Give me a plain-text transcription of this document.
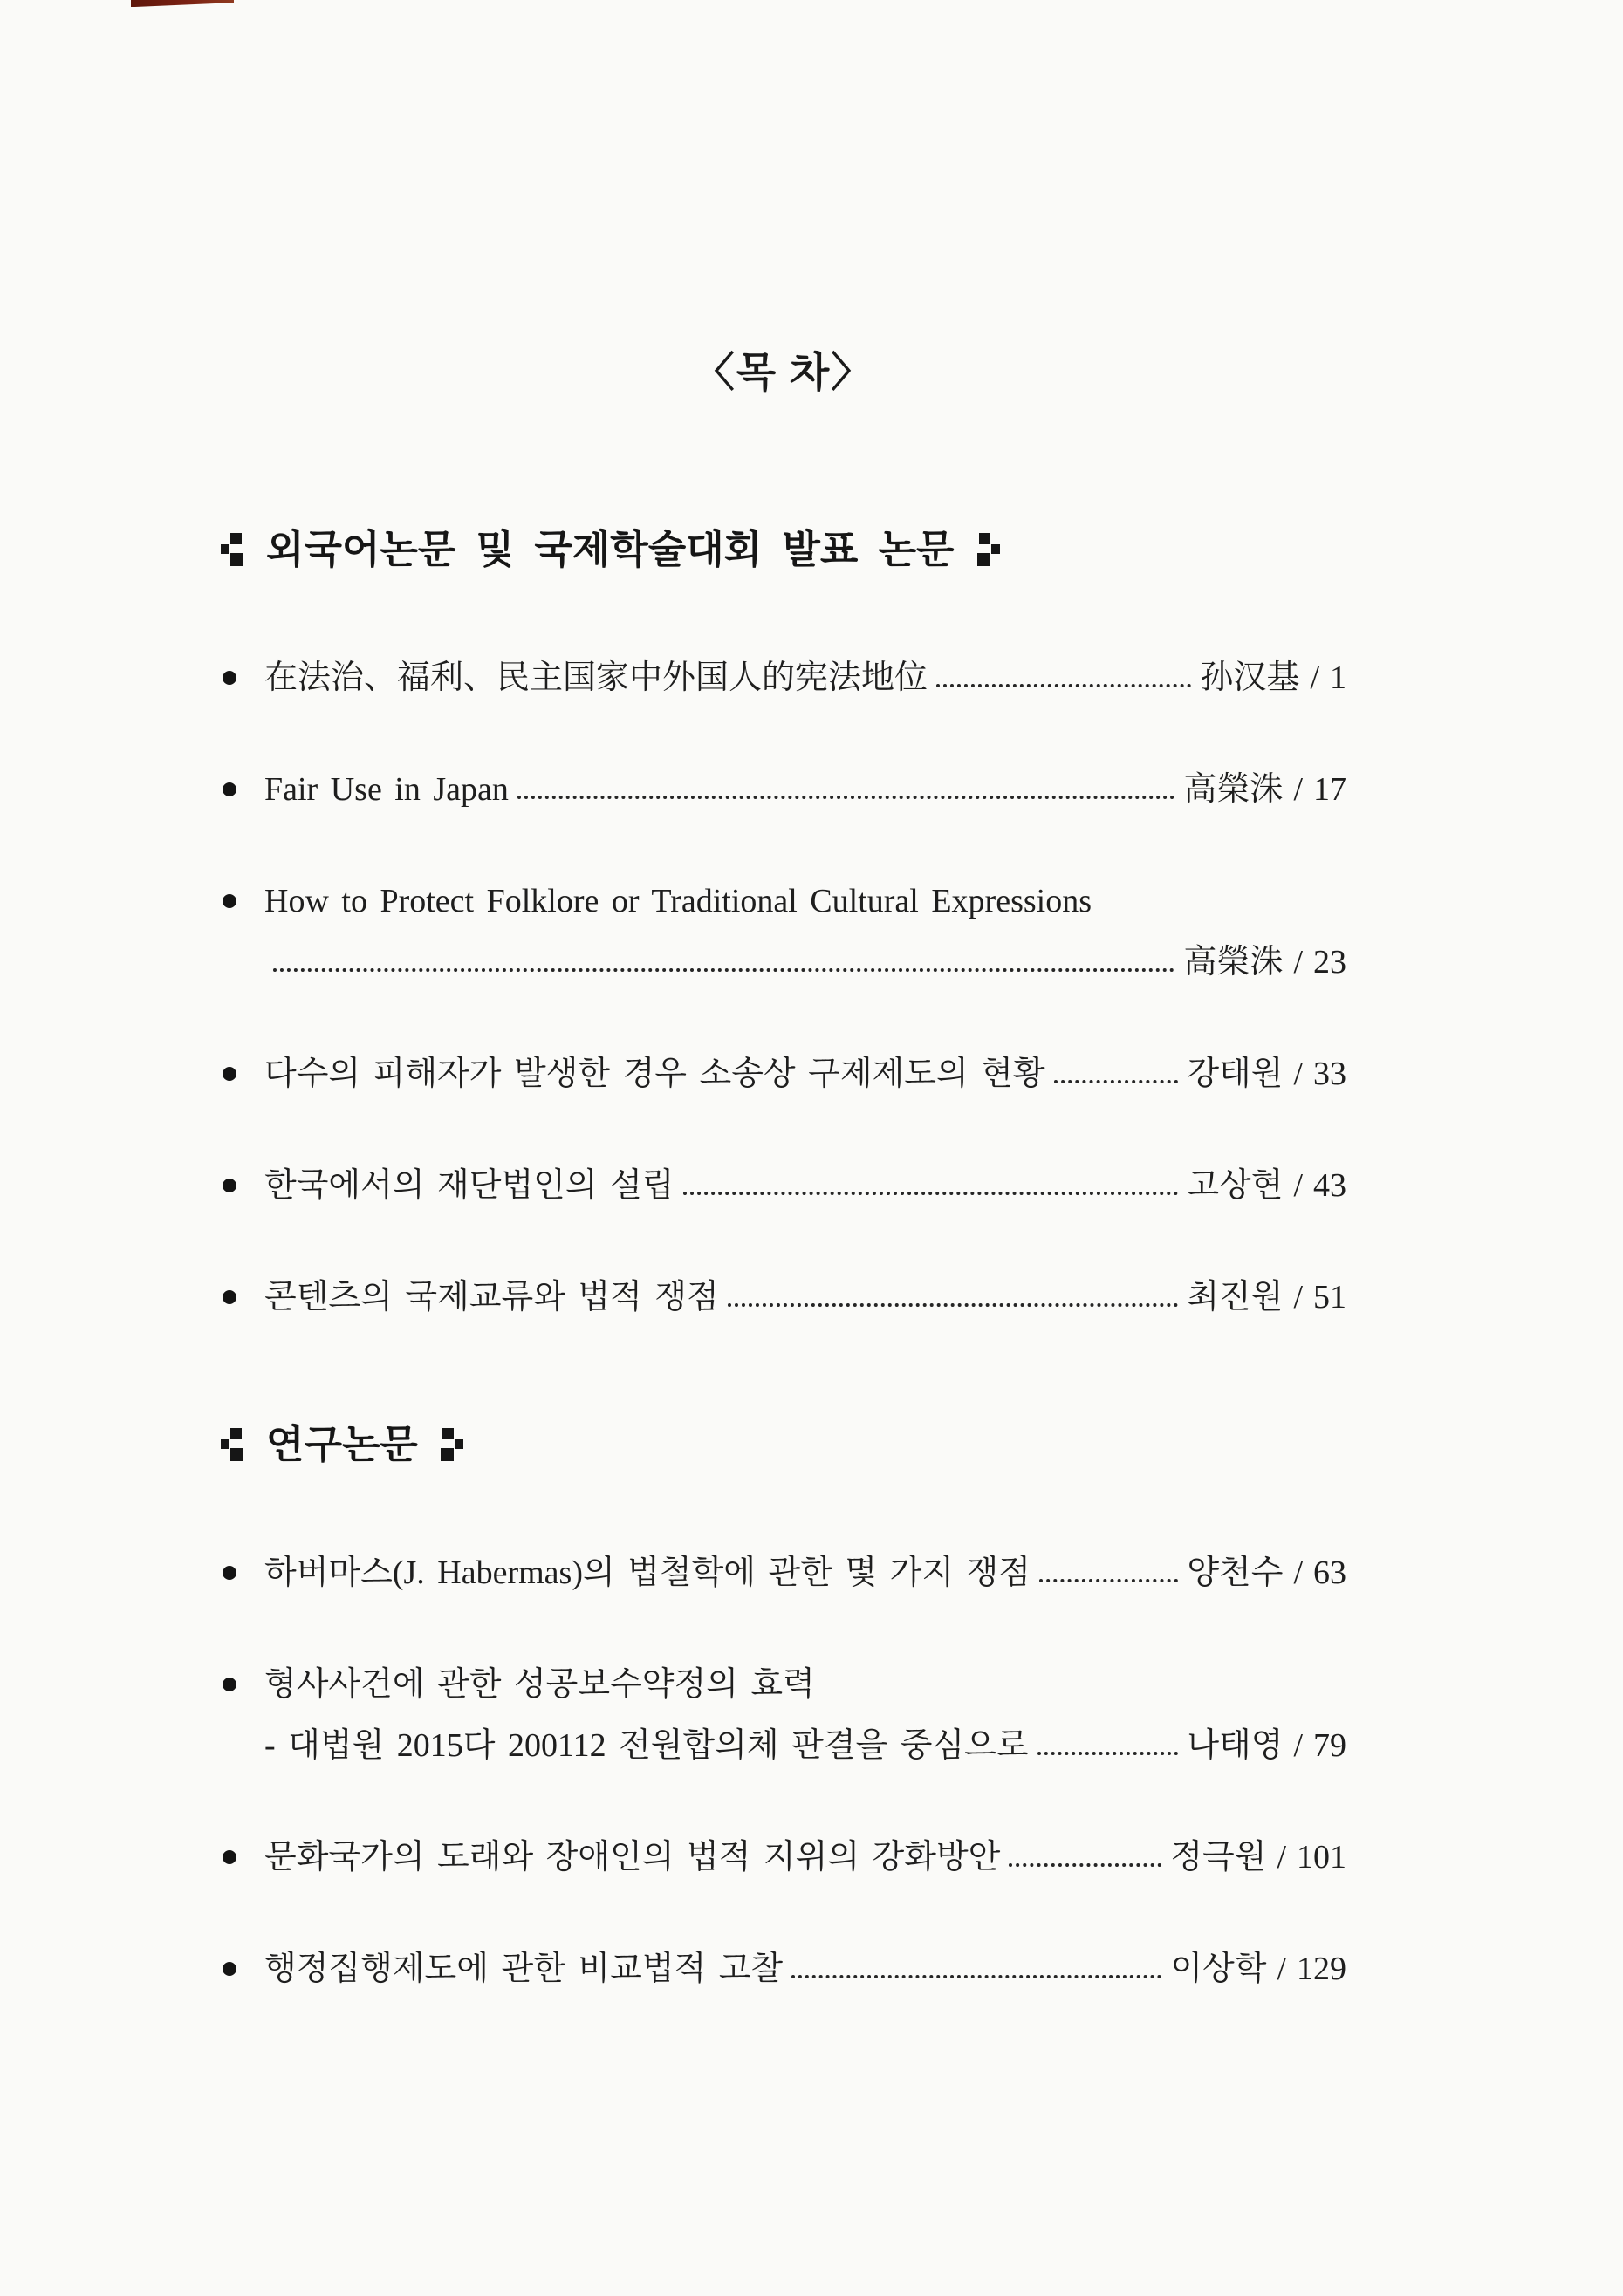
〈목 차〉
외국어논문 및 국제학술대회 발표 논문
在法治、福利、民主国家中外国人的宪法地位	孙汉基 / 1
Fair Use in Japan	高榮洙 / 17
How to Protect Folklore or Traditional Cultural Expressions
高榮洙 / 23
다수의 피해자가 발생한 경우 소송상 구제제도의 현황	강태원 / 33
한국에서의 재단법인의 설립	고상현 / 43
콘텐츠의 국제교류와 법적 쟁점	최진원 / 51
연구논문
하버마스(J. Habermas)의 법철학에 관한 몇 가지 쟁점	양천수 / 63
형사사건에 관한 성공보수약정의 효력
- 대법원 2015다 200112 전원합의체 판결을 중심으로	나태영 / 79
문화국가의 도래와 장애인의 법적 지위의 강화방안	정극원 / 101
행정집행제도에 관한 비교법적 고찰	이상학 / 129
